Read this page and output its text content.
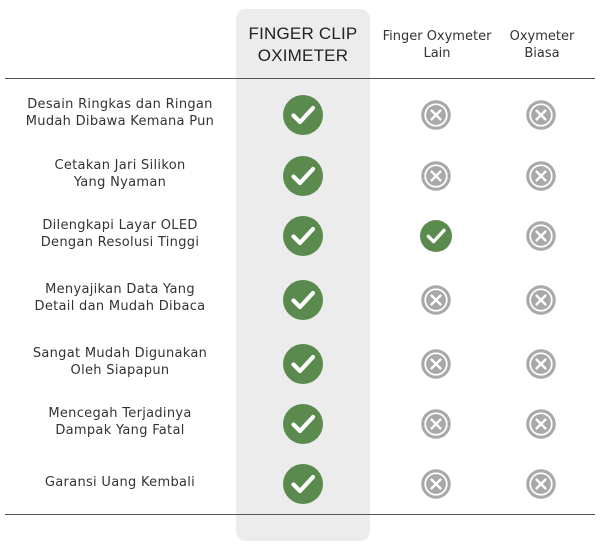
FINGER CLIP
OXIMETER
Finger Oxymeter
Lain
Oxymeter
Biasa
Desain Ringkas dan Ringan
Mudah Dibawa Kemana Pun
Cetakan Jari Silikon
Yang Nyaman
Dilengkapi Layar OLED
Dengan Resolusi Tinggi
Menyajikan Data Yang
Detail dan Mudah Dibaca
Sangat Mudah Digunakan
Oleh Siapapun
Mencegah Terjadinya
Dampak Yang Fatal
Garansi Uang Kembali
